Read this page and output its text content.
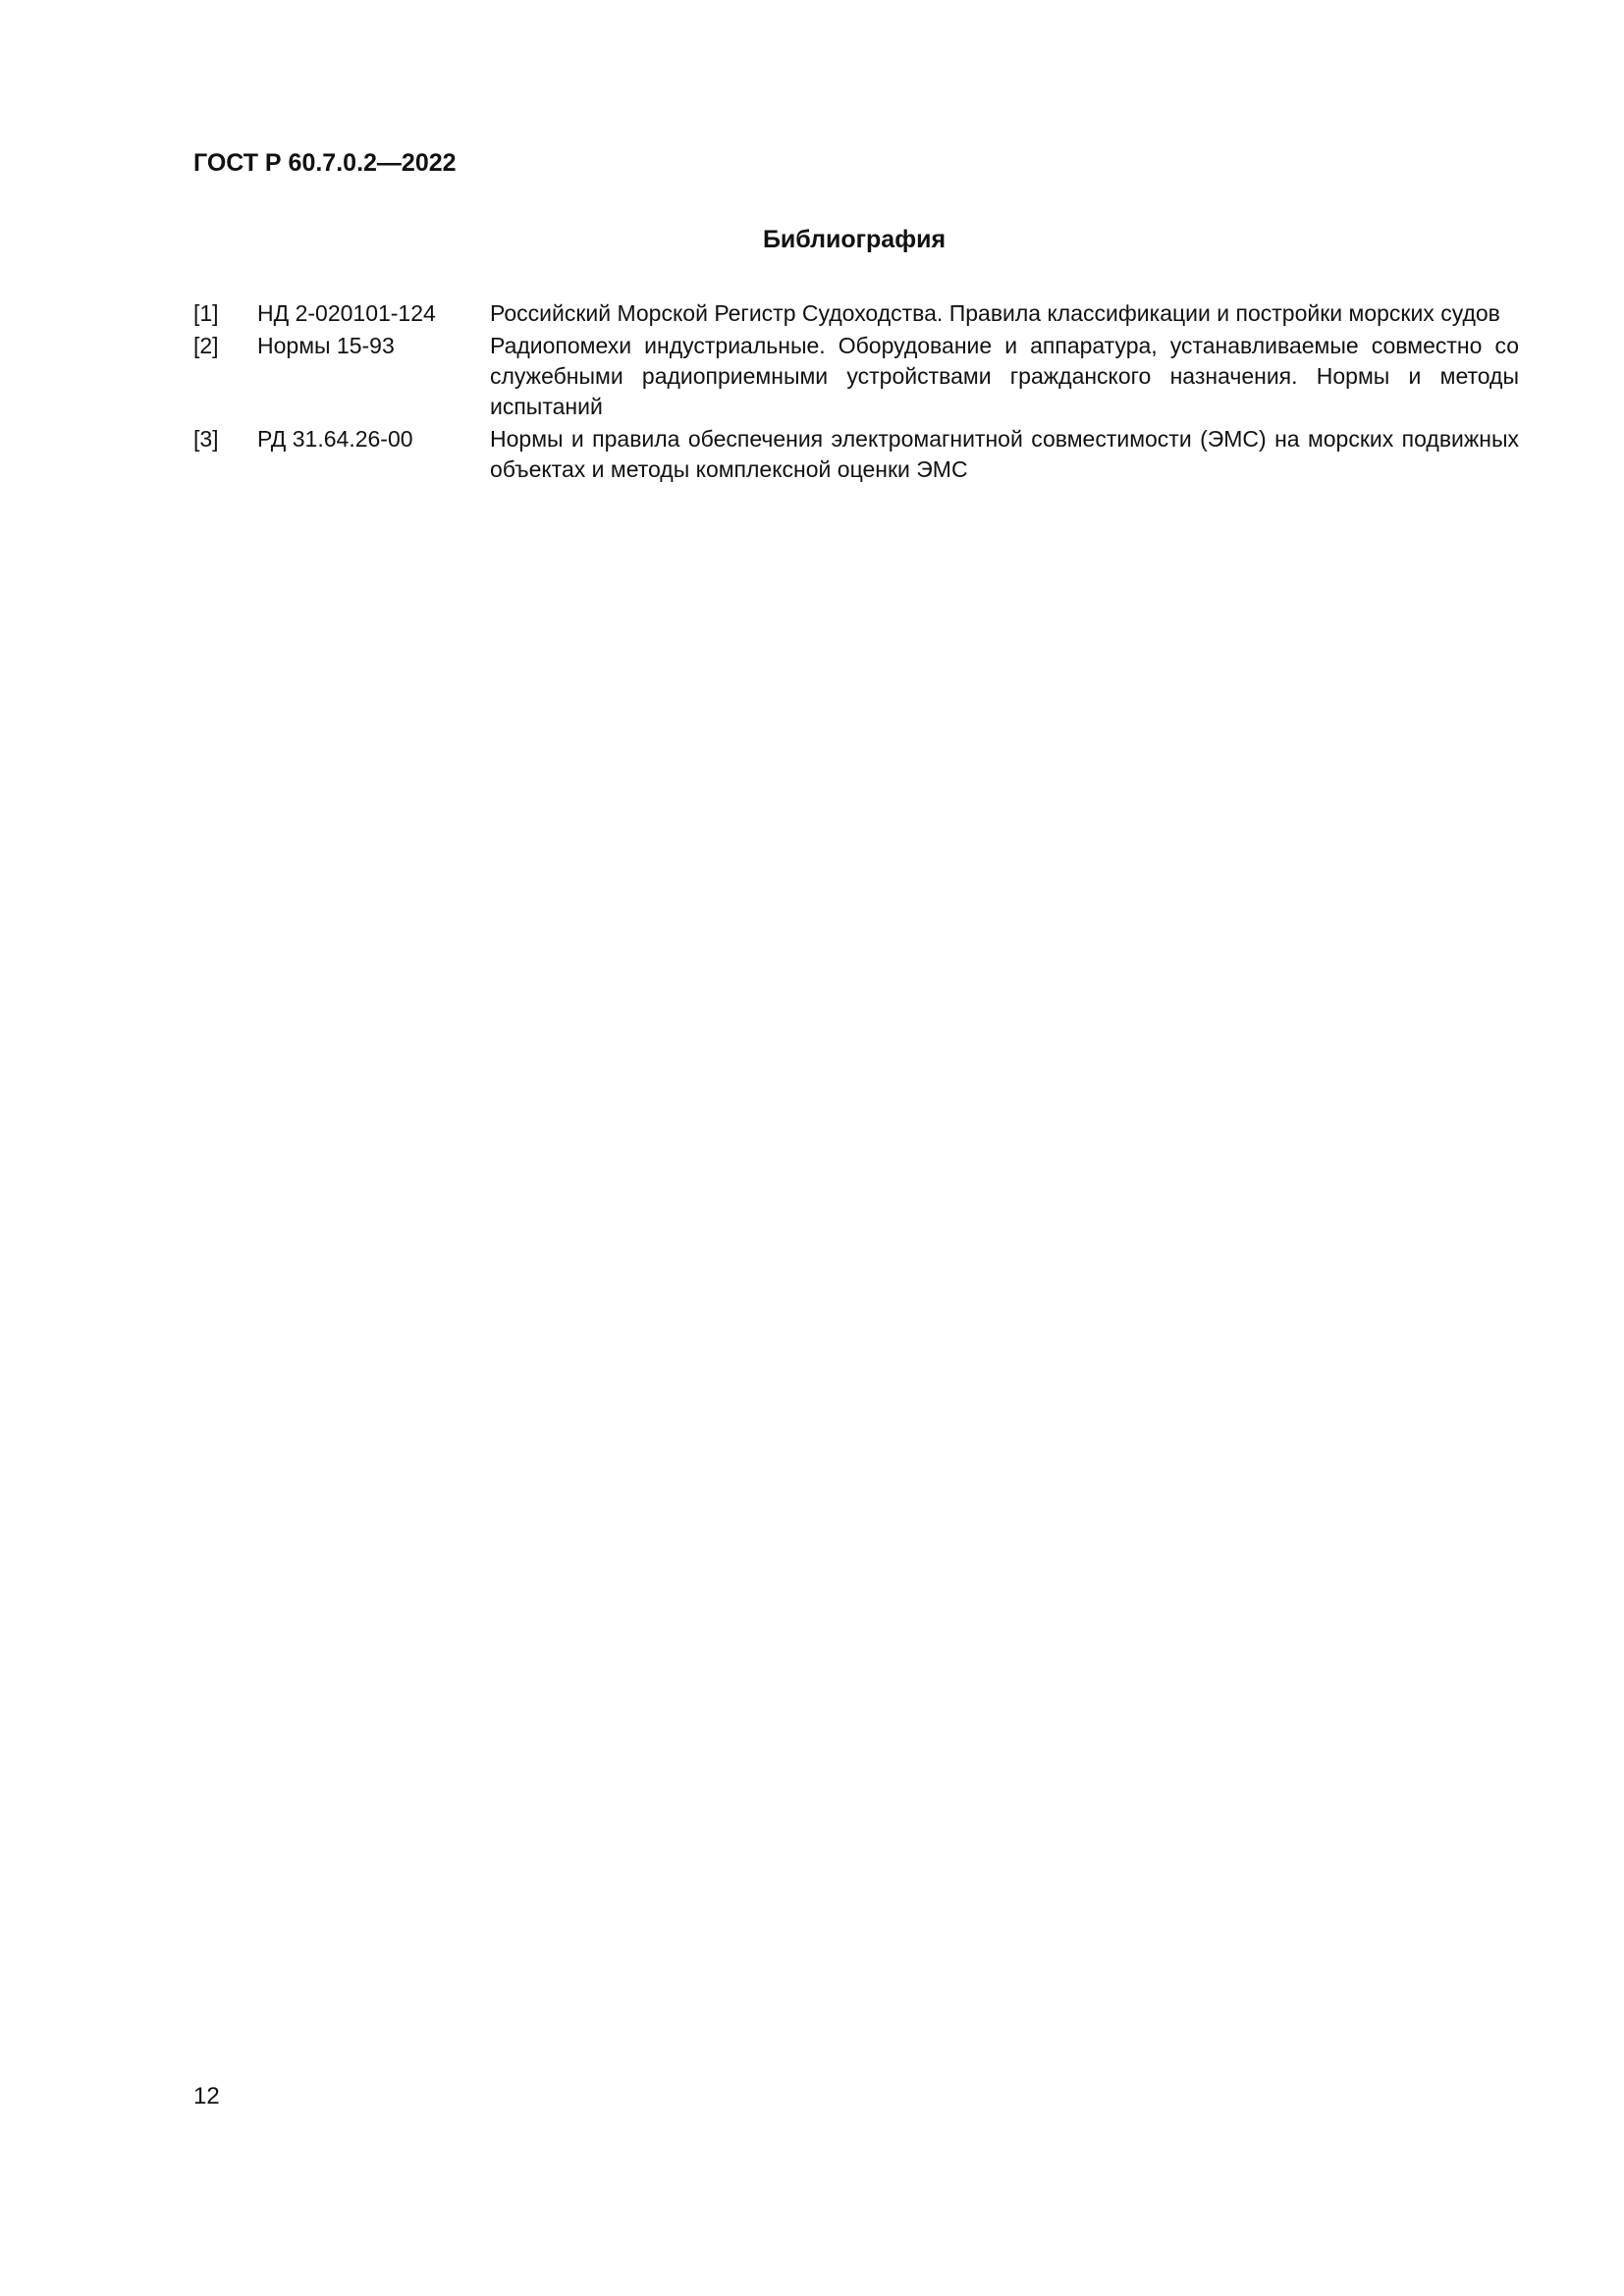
ГОСТ Р 60.7.0.2—2022
Библиография
[1]	НД 2-020101-124	Российский Морской Регистр Судоходства. Правила классификации и постройки морских судов
[2]	Нормы 15-93	Радиопомехи индустриальные. Оборудование и аппаратура, устанавливаемые совместно со служебными радиоприемными устройствами гражданского назначения. Нормы и методы испытаний
[3]	РД 31.64.26-00	Нормы и правила обеспечения электромагнитной совместимости (ЭМС) на морских подвижных объектах и методы комплексной оценки ЭМС
12
